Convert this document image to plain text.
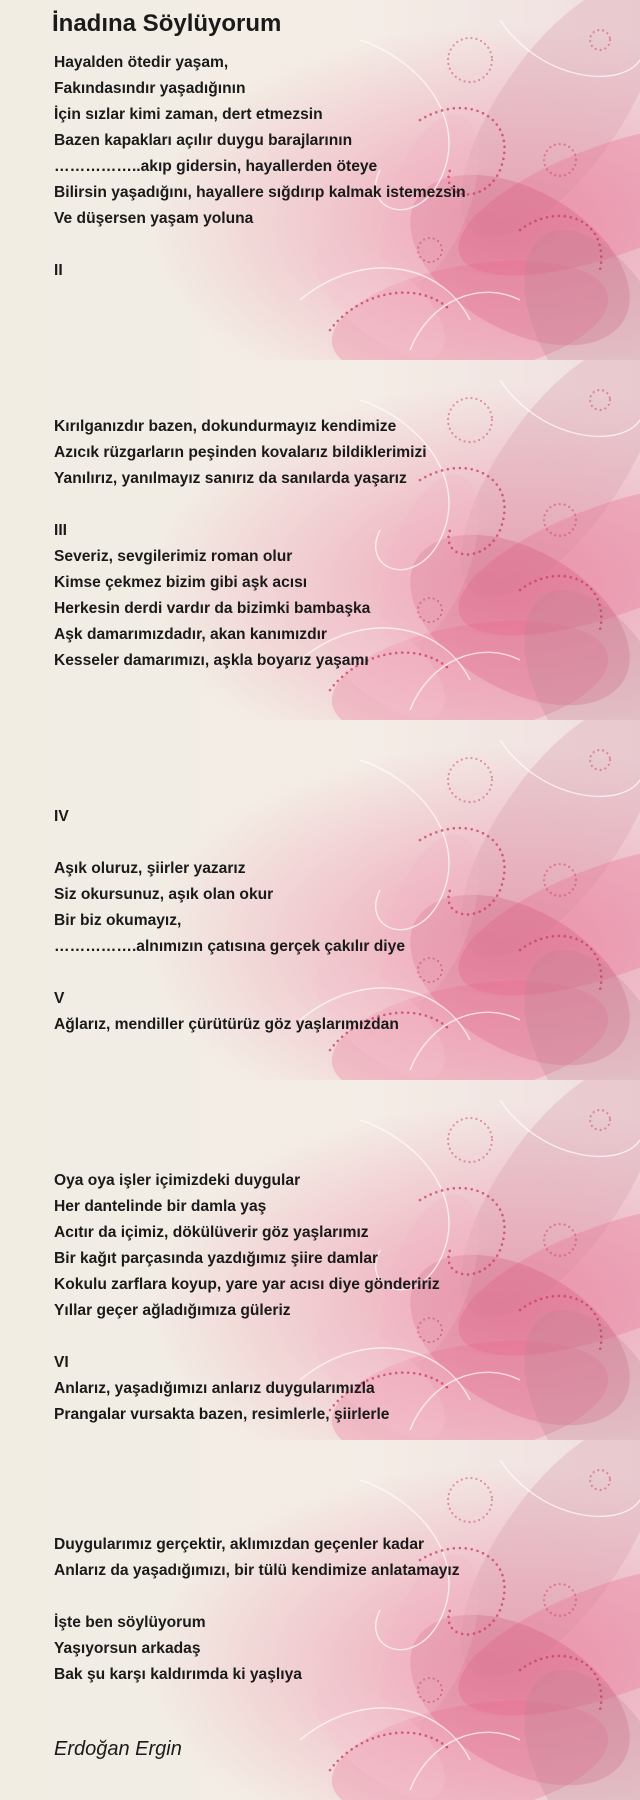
İnadına Söylüyorum
Hayalden ötedir yaşam,
Fakındasındır yaşadığının
İçin sızlar kimi zaman, dert etmezsin
Bazen kapakları açılır duygu barajlarının
……………..akıp gidersin, hayallerden öteye
Bilirsin yaşadığını, hayallere sığdırıp kalmak istemezsin
Ve düşersen yaşam yoluna
II
Kırılganızdır bazen, dokundurmayız kendimize
Azıcık rüzgarların peşinden kovalarız bildiklerimizi
Yanılırız, yanılmayız sanırız da sanılarda yaşarız
III
Severiz, sevgilerimiz roman olur
Kimse çekmez bizim gibi aşk acısı
Herkesin derdi vardır da bizimki bambaşka
Aşk damarımızdadır, akan kanımızdır
Kesseler damarımızı, aşkla boyarız yaşamı
IV
Aşık oluruz, şiirler yazarız
Siz okursunuz, aşık olan okur
Bir biz okumayız,
…………….alnımızın çatısına gerçek çakılır diye
V
Ağlarız, mendiller çürütürüz göz yaşlarımızdan
Oya oya işler içimizdeki duygular
Her dantelinde bir damla yaş
Acıtır da içimiz, dökülüverir göz yaşlarımız
Bir kağıt parçasında yazdığımız şiire damlar
Kokulu zarflara koyup, yare yar acısı diye göndeririz
Yıllar geçer ağladığımıza güleriz
VI
Anlarız, yaşadığımızı anlarız duygularımızla
Prangalar vursakta bazen, resimlerle, şiirlerle
Duygularımız gerçektir, aklımızdan geçenler kadar
Anlarız da yaşadığımızı, bir tülü kendimize anlatamayız
İşte ben söylüyorum
Yaşıyorsun arkadaş
Bak şu karşı kaldırımda ki yaşlıya
Erdoğan Ergin
